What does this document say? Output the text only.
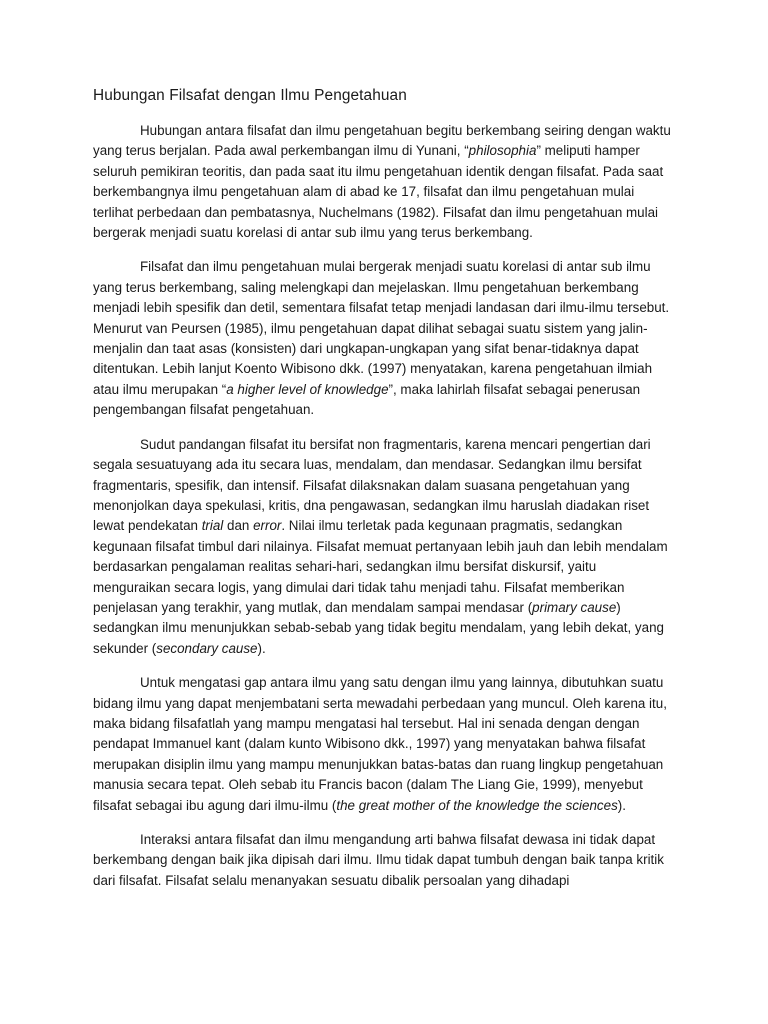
Hubungan Filsafat dengan Ilmu Pengetahuan

Hubungan antara filsafat dan ilmu pengetahuan begitu berkembang seiring dengan waktu yang terus berjalan. Pada awal perkembangan ilmu di Yunani, “philosophia” meliputi hamper seluruh pemikiran teoritis, dan pada saat itu ilmu pengetahuan identik dengan filsafat. Pada saat berkembangnya ilmu pengetahuan alam di abad ke 17, filsafat dan ilmu pengetahuan mulai terlihat perbedaan dan pembatasnya, Nuchelmans (1982). Filsafat dan ilmu pengetahuan mulai bergerak menjadi suatu korelasi di antar sub ilmu yang terus berkembang.

Filsafat dan ilmu pengetahuan mulai bergerak menjadi suatu korelasi di antar sub ilmu yang terus berkembang, saling melengkapi dan mejelaskan. Ilmu pengetahuan berkembang menjadi lebih spesifik dan detil, sementara filsafat tetap menjadi landasan dari ilmu-ilmu tersebut. Menurut van Peursen (1985), ilmu pengetahuan dapat dilihat sebagai suatu sistem yang jalin-menjalin dan taat asas (konsisten) dari ungkapan-ungkapan yang sifat benar-tidaknya dapat ditentukan. Lebih lanjut Koento Wibisono dkk. (1997) menyatakan, karena pengetahuan ilmiah atau ilmu merupakan “a higher level of knowledge”, maka lahirlah filsafat sebagai penerusan pengembangan filsafat pengetahuan.

Sudut pandangan filsafat itu bersifat non fragmentaris, karena mencari pengertian dari segala sesuatuyang ada itu secara luas, mendalam, dan mendasar. Sedangkan ilmu bersifat fragmentaris, spesifik, dan intensif. Filsafat dilaksnakan dalam suasana pengetahuan yang menonjolkan daya spekulasi, kritis, dna pengawasan, sedangkan ilmu haruslah diadakan riset lewat pendekatan trial dan error. Nilai ilmu terletak pada kegunaan pragmatis, sedangkan kegunaan filsafat timbul dari nilainya. Filsafat memuat pertanyaan lebih jauh dan lebih mendalam berdasarkan pengalaman realitas sehari-hari, sedangkan ilmu bersifat diskursif, yaitu menguraikan secara logis, yang dimulai dari tidak tahu menjadi tahu. Filsafat memberikan penjelasan yang terakhir, yang mutlak, dan mendalam sampai mendasar (primary cause) sedangkan ilmu menunjukkan sebab-sebab yang tidak begitu mendalam, yang lebih dekat, yang sekunder (secondary cause).

Untuk mengatasi gap antara ilmu yang satu dengan ilmu yang lainnya, dibutuhkan suatu bidang ilmu yang dapat menjembatani serta mewadahi perbedaan yang muncul. Oleh karena itu, maka bidang filsafatlah yang mampu mengatasi hal tersebut. Hal ini senada dengan dengan pendapat Immanuel kant (dalam kunto Wibisono dkk., 1997) yang menyatakan bahwa filsafat merupakan disiplin ilmu yang mampu menunjukkan batas-batas dan ruang lingkup pengetahuan manusia secara tepat. Oleh sebab itu Francis bacon (dalam The Liang Gie, 1999), menyebut filsafat sebagai ibu agung dari ilmu-ilmu (the great mother of the knowledge the sciences).

Interaksi antara filsafat dan ilmu mengandung arti bahwa filsafat dewasa ini tidak dapat berkembang dengan baik jika dipisah dari ilmu. Ilmu tidak dapat tumbuh dengan baik tanpa kritik dari filsafat. Filsafat selalu menanyakan sesuatu dibalik persoalan yang dihadapi
